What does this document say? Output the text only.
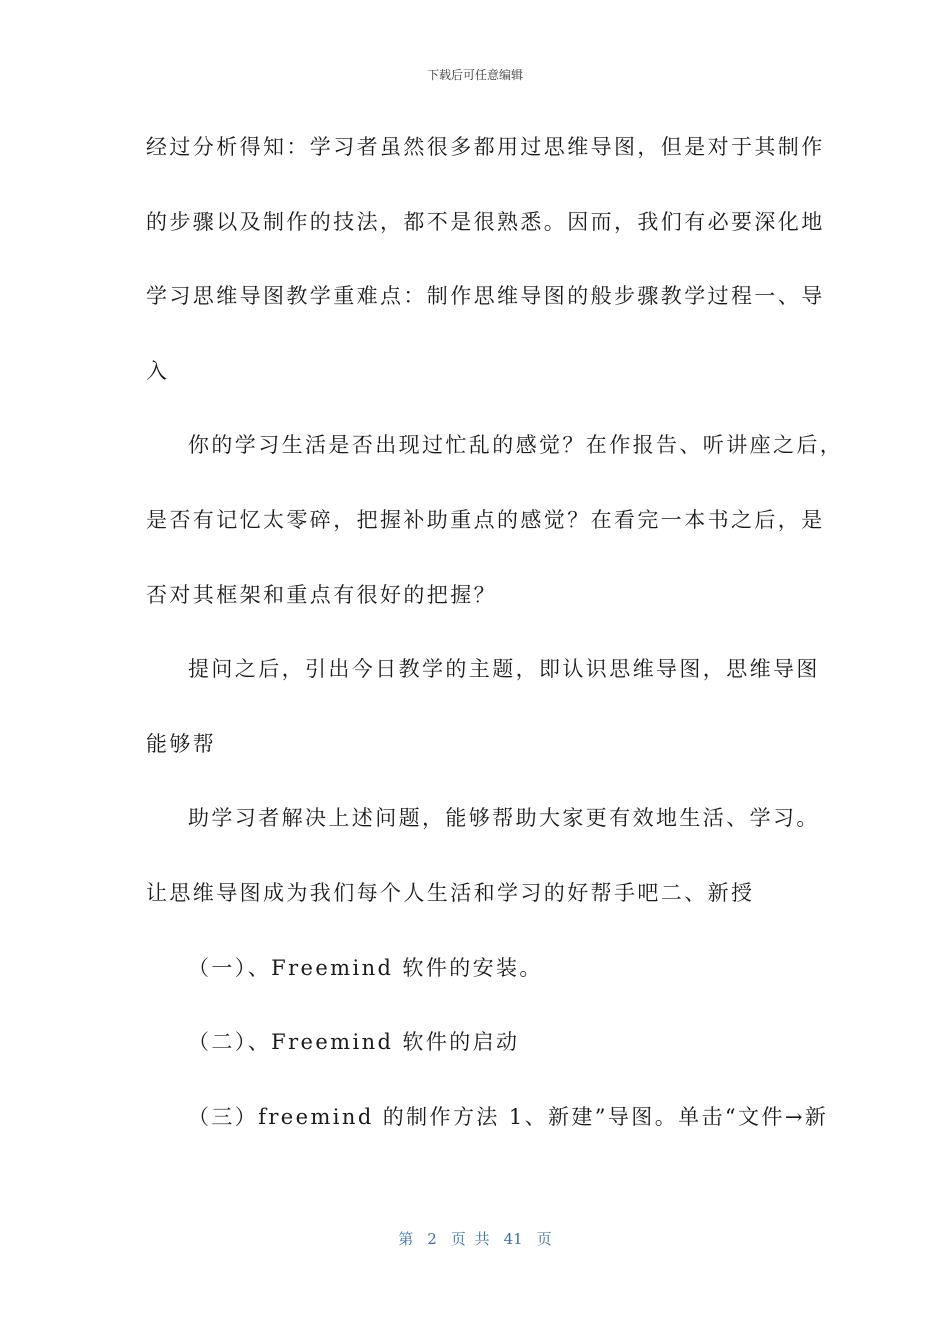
下载后可任意编辑
经过分析得知：学习者虽然很多都用过思维导图，但是对于其制作
的步骤以及制作的技法，都不是很熟悉。因而，我们有必要深化地
学习思维导图教学重难点：制作思维导图的般步骤教学过程一、导
入
你的学习生活是否出现过忙乱的感觉？在作报告、听讲座之后，
是否有记忆太零碎，把握补助重点的感觉？在看完一本书之后，是
否对其框架和重点有很好的把握？
提问之后，引出今日教学的主题，即认识思维导图，思维导图
能够帮
助学习者解决上述问题，能够帮助大家更有效地生活、学习。
让思维导图成为我们每个人生活和学习的好帮手吧二、新授
（一）、Freemind 软件的安装。
（二）、Freemind 软件的启动
（三）freemind 的制作方法 1、新建”导图。单击“文件→新
第 2 页 共 41 页
